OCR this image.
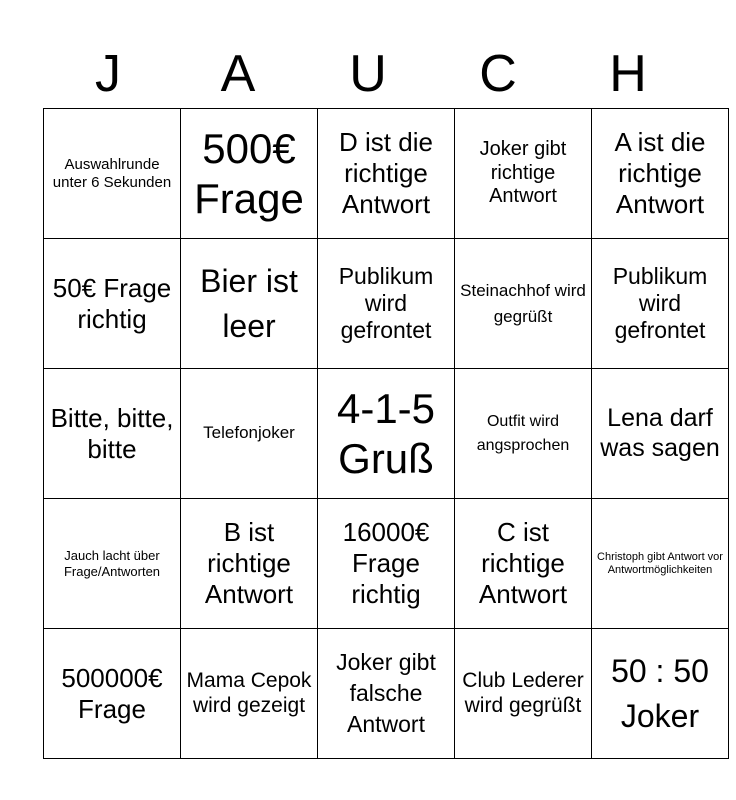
J	A	U	C	H
Auswahlrunde unter 6 Sekunden	500€ Frage	D ist die richtige Antwort	Joker gibt richtige Antwort	A ist die richtige Antwort
50€ Frage richtig	Bier ist leer	Publikum wird gefrontet	Steinachhof wird gegrüßt	Publikum wird gefrontet
Bitte, bitte, bitte	Telefonjoker	4-1-5 Gruß	Outfit wird angsprochen	Lena darf was sagen
Jauch lacht über Frage/Antworten	B ist richtige Antwort	16000€ Frage richtig	C ist richtige Antwort	Christoph gibt Antwort vor Antwortmöglichkeiten
500000€ Frage	Mama Cepok wird gezeigt	Joker gibt falsche Antwort	Club Lederer wird gegrüßt	50 : 50 Joker
